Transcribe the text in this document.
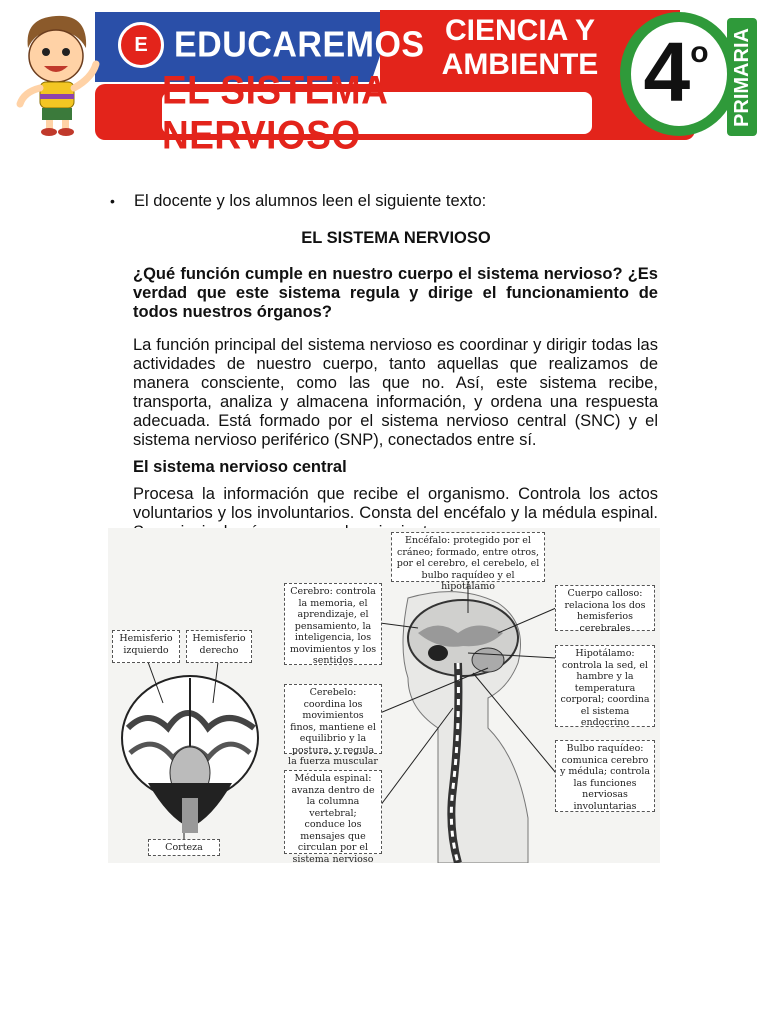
E EDUCAREMOS CIENCIA Y
AMBIENTE 4 o PRIMARIA
EL SISTEMA NERVIOSO
•	El docente y los alumnos leen el siguiente texto:
EL SISTEMA NERVIOSO
¿Qué función cumple en nuestro cuerpo el sistema nervioso? ¿Es verdad que este sistema regula y dirige el funcionamiento de todos nuestros órganos?
La función principal del sistema nervioso es coordinar y dirigir todas las actividades de nuestro cuerpo, tanto aquellas que realizamos de manera consciente, como las que no. Así, este sistema recibe, transporta, analiza y almacena información, y ordena una respuesta adecuada. Está formado por el sistema nervioso central (SNC) y el sistema nervioso periférico (SNP), conectados entre sí.
El sistema nervioso central
Procesa la información que recibe el organismo. Controla los actos voluntarios y los involuntarios. Consta del encéfalo y la médula espinal.
Hemisferio izquierdo
Hemisferio derecho
Corteza
Encéfalo: protegido por el cráneo; formado, entre otros, por el cerebro, el cerebelo, el bulbo raquídeo y el hipotálamo
Cerebro: controla la memoria, el aprendizaje, el pensamiento, la inteligencia, los movimientos y los sentidos
Cerebelo: coordina los movimientos finos, mantiene el equilibrio y la postura, y regula la fuerza muscular
Médula espinal: avanza dentro de la columna vertebral; conduce los mensajes que circulan por el sistema nervioso
Cuerpo calloso: relaciona los dos hemisferios cerebrales
Hipotálamo: controla la sed, el hambre y la temperatura corporal; coordina el sistema endocrino
Bulbo raquídeo: comunica cerebro y médula; controla las funciones nerviosas involuntarias
